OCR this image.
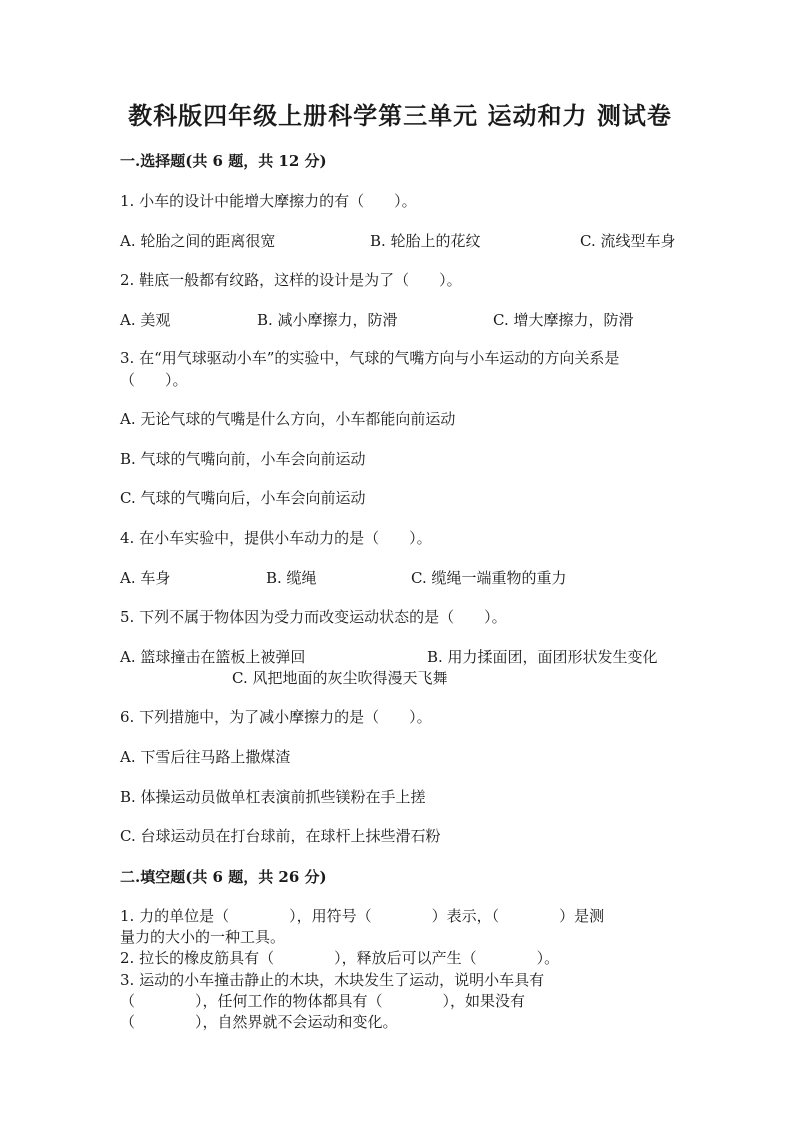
教科版四年级上册科学第三单元 运动和力 测试卷
一.选择题(共 6 题，共 12 分)
1. 小车的设计中能增大摩擦力的有（　　）。
A. 轮胎之间的距离很宽	B. 轮胎上的花纹	C. 流线型车身
2. 鞋底一般都有纹路，这样的设计是为了（　　）。
A. 美观	B. 减小摩擦力，防滑	C. 增大摩擦力，防滑
3. 在“用气球驱动小车”的实验中，气球的气嘴方向与小车运动的方向关系是
（　　）。
A. 无论气球的气嘴是什么方向，小车都能向前运动
B. 气球的气嘴向前，小车会向前运动
C. 气球的气嘴向后，小车会向前运动
4. 在小车实验中，提供小车动力的是（　　）。
A. 车身	B. 缆绳	C. 缆绳一端重物的重力
5. 下列不属于物体因为受力而改变运动状态的是（　　）。
A. 篮球撞击在篮板上被弹回	B. 用力揉面团，面团形状发生变化
C. 风把地面的灰尘吹得漫天飞舞
6. 下列措施中，为了减小摩擦力的是（　　）。
A. 下雪后往马路上撒煤渣
B. 体操运动员做单杠表演前抓些镁粉在手上搓
C. 台球运动员在打台球前，在球杆上抹些滑石粉
二.填空题(共 6 题，共 26 分)
1. 力的单位是（　　　　），用符号（　　　　）表示，（　　　　）是测
量力的大小的一种工具。
2. 拉长的橡皮筋具有（　　　　），释放后可以产生（　　　　）。
3. 运动的小车撞击静止的木块，木块发生了运动，说明小车具有
（　　　　），任何工作的物体都具有（　　　　），如果没有
（　　　　），自然界就不会运动和变化。
